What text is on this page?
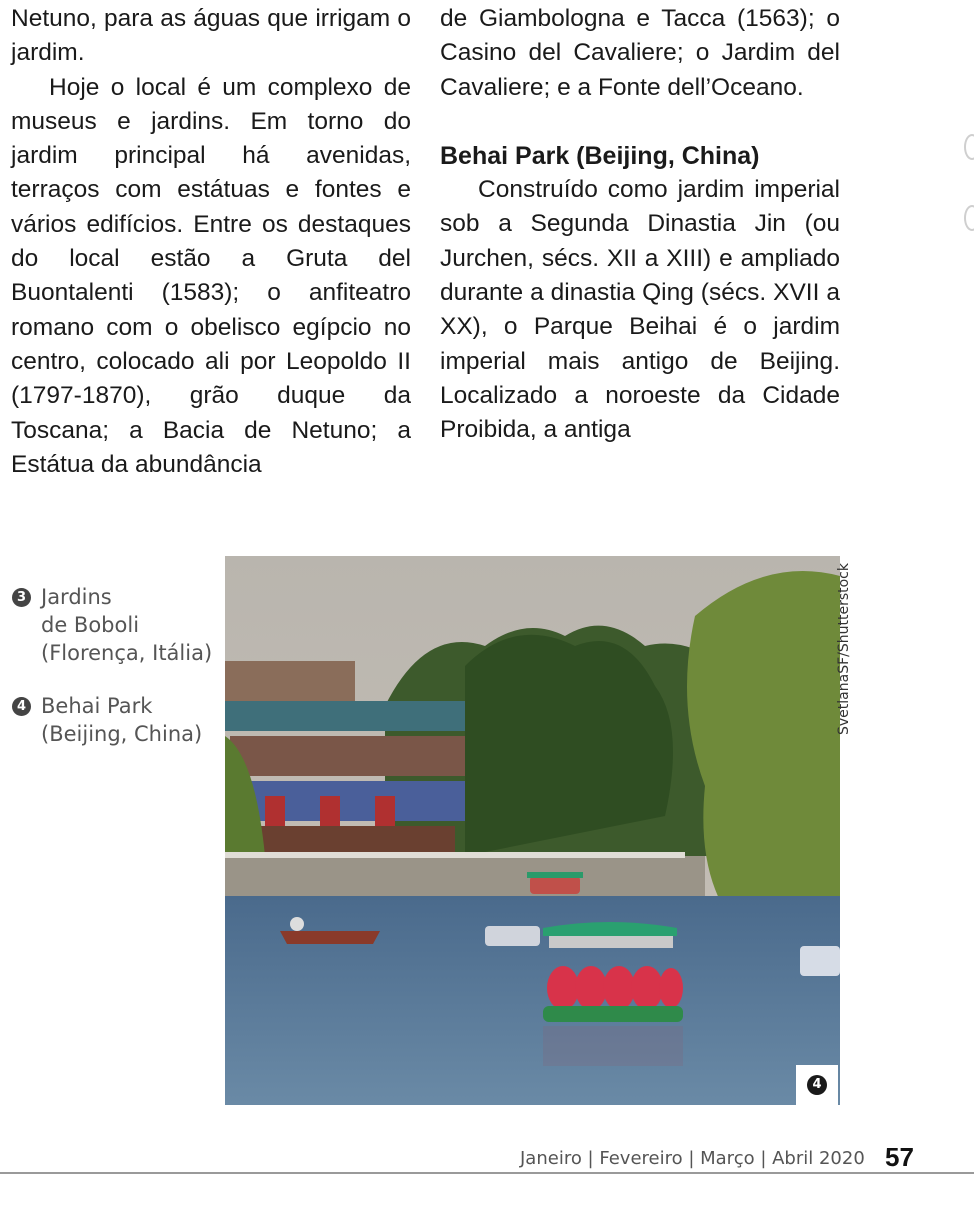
Netuno, para as águas que irrigam o jardim.

Hoje o local é um complexo de museus e jardins. Em torno do jardim principal há avenidas, terraços com estátuas e fontes e vários edifícios. Entre os destaques do local estão a Gruta del Buontalenti (1583); o anfiteatro romano com o obelisco egípcio no centro, colocado ali por Leopoldo II (1797-1870), grão duque da Toscana; a Bacia de Netuno; a Estátua da abundância

de Giambologna e Tacca (1563); o Casino del Cavaliere; o Jardim del Cavaliere; e a Fonte dell’Oceano.

Behai Park (Beijing, China)

Construído como jardim imperial sob a Segunda Dinastia Jin (ou Jurchen, sécs. XII a XIII) e ampliado durante a dinastia Qing (sécs. XVII a XX), o Parque Beihai é o jardim imperial mais antigo de Beijing. Localizado a noroeste da Cidade Proibida, a antiga

3 Jardins
de Boboli
(Florença, Itália)
4 Behai Park
(Beijing, China)	SvetlanaSF/Shutterstock
4
Janeiro | Fevereiro | Março | Abril 2020 57
